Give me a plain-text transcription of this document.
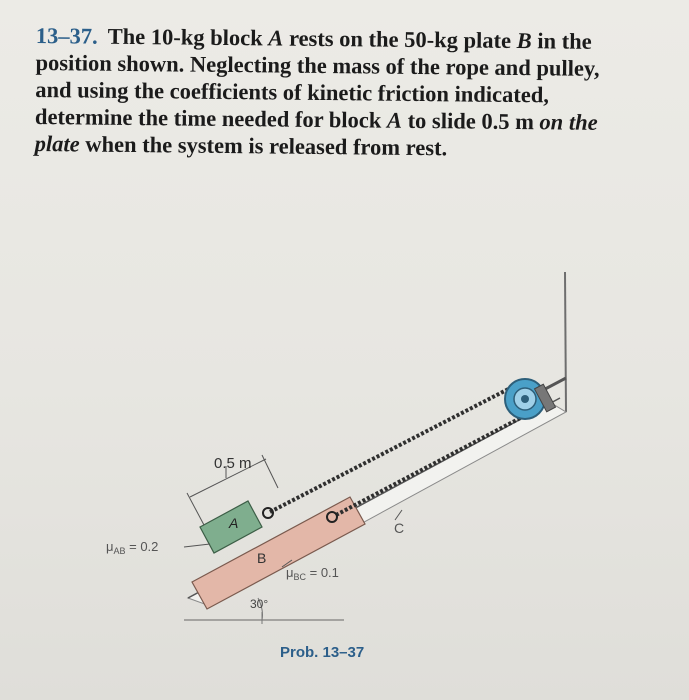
13–37. The 10-kg block A rests on the 50-kg plate B in the
position shown. Neglecting the mass of the rope and pulley,
and using the coefficients of kinetic friction indicated,
determine the time needed for block A to slide 0.5 m on the
plate when the system is released from rest.
A
B
C
0.5 m
30°
$\mu_{AB} = 0.2$
$\mu_{BC} = 0.1$
Prob. 13–37
